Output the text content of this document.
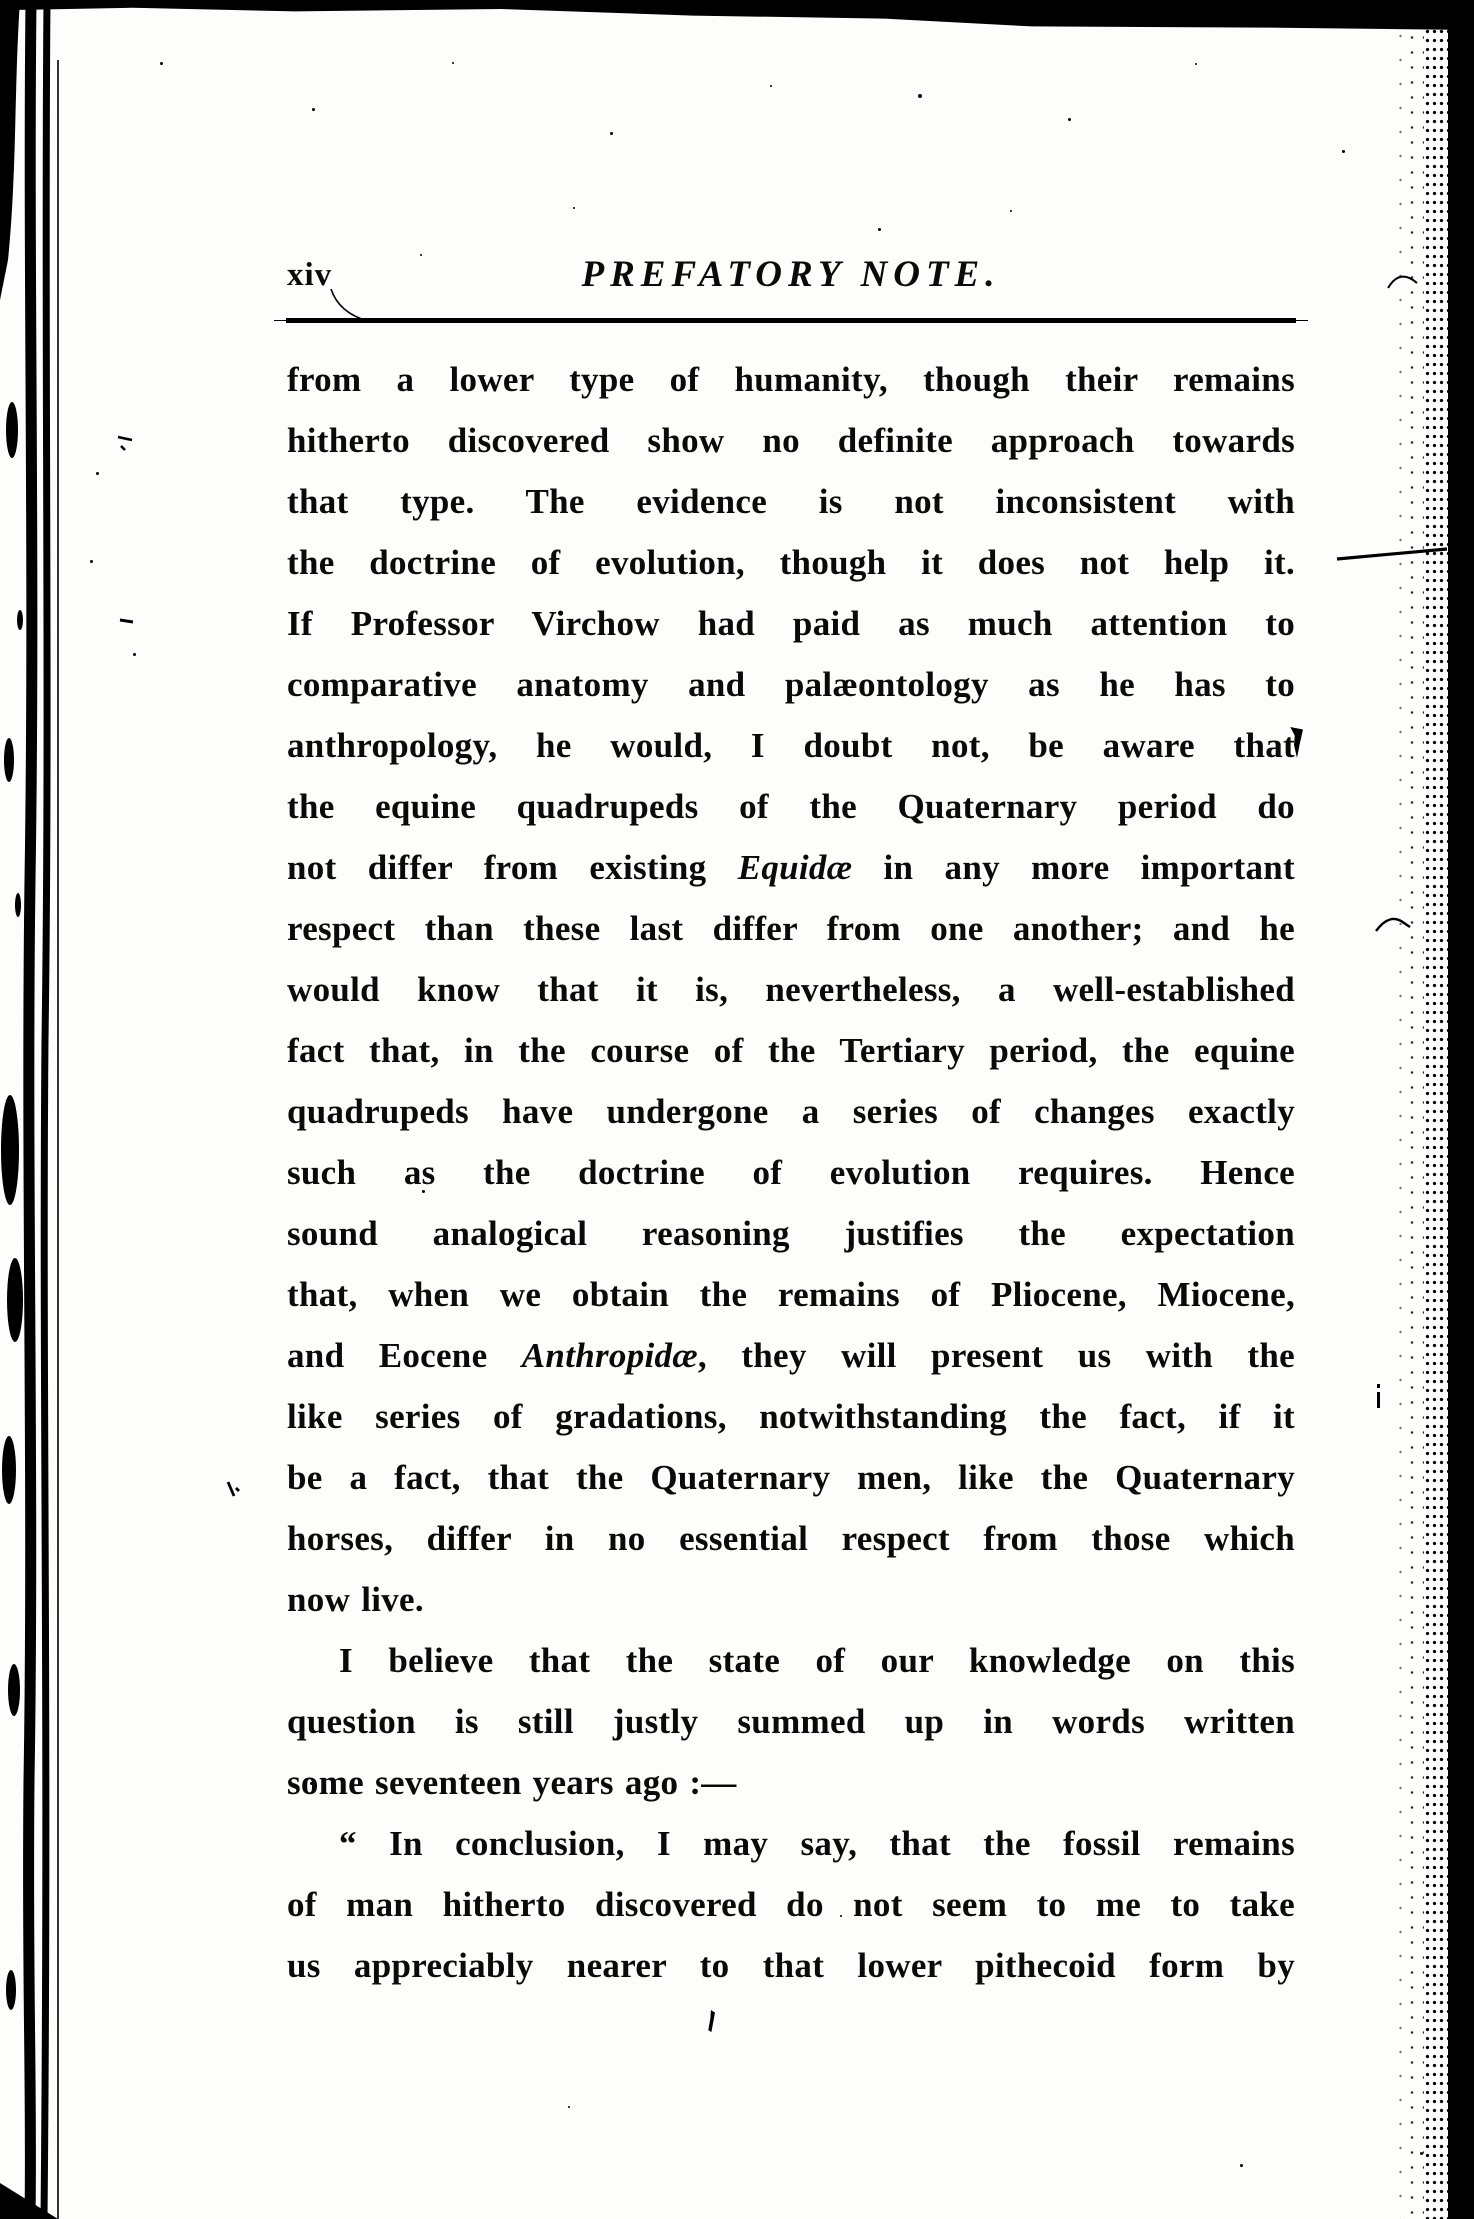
xiv	PREFATORY NOTE.
from a lower type of humanity, though their remains
hitherto discovered show no definite approach towards
that type. The evidence is not inconsistent with
the doctrine of evolution, though it does not help it.
If Professor Virchow had paid as much attention to
comparative anatomy and palæontology as he has to
anthropology, he would, I doubt not, be aware that
the equine quadrupeds of the Quaternary period do
not differ from existing Equidæ in any more important
respect than these last differ from one another; and he
would know that it is, nevertheless, a well-established
fact that, in the course of the Tertiary period, the equine
quadrupeds have undergone a series of changes exactly
such as the doctrine of evolution requires. Hence
sound analogical reasoning justifies the expectation
that, when we obtain the remains of Pliocene, Miocene,
and Eocene Anthropidæ, they will present us with the
like series of gradations, notwithstanding the fact, if it
be a fact, that the Quaternary men, like the Quaternary
horses, differ in no essential respect from those which
now live.
I believe that the state of our knowledge on this
question is still justly summed up in words written
some seventeen years ago :—
“ In conclusion, I may say, that the fossil remains
of man hitherto discovered do not seem to me to take
us appreciably nearer to that lower pithecoid form by
